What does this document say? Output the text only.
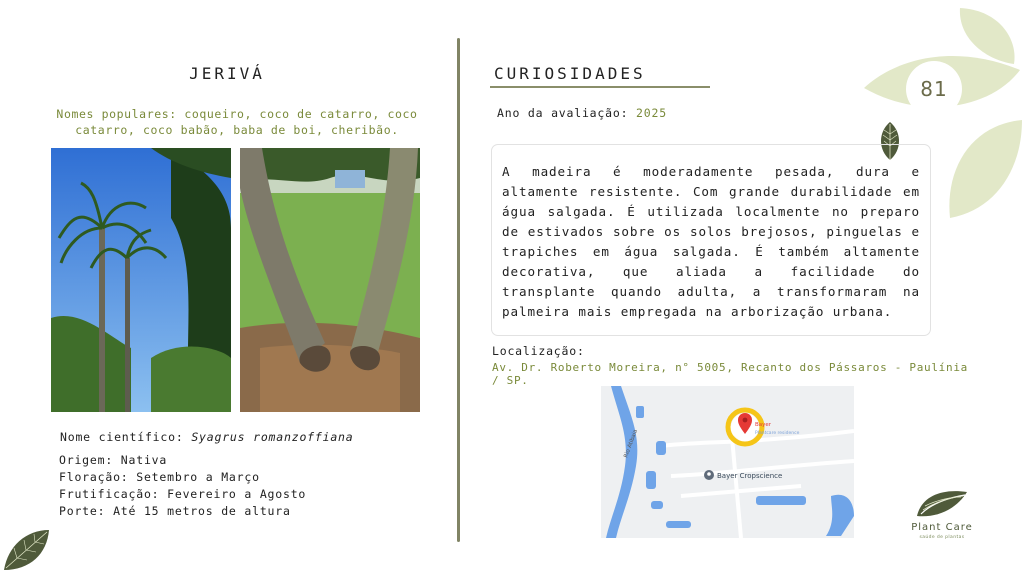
81
JERIVÁ
Nomes populares: coqueiro, coco de catarro, coco catarro, coco babão, baba de boi, cheribão.
Nome científico: Syagrus romanzoffiana
Origem: Nativa
Floração: Setembro a Março
Frutificação: Fevereiro a Agosto
Porte: Até 15 metros de altura
CURIOSIDADES
Ano da avaliação: 2025
A madeira é moderadamente pesada, dura e altamente resistente. Com grande durabilidade em água salgada. É utilizada localmente no preparo de estivados sobre os solos brejosos, pinguelas e trapiches em água salgada. É também altamente decorativa, que aliada a facilidade do transplante quando adulta, a transformaram na palmeira mais empregada na arborização urbana.
Localização:
Av. Dr. Roberto Moreira, n° 5005, Recanto dos Pássaros - Paulínia / SP.
Rio Atibaia
Bayer
Plantcare residence
Bayer Cropscience
Plant Care
saúde de plantas
